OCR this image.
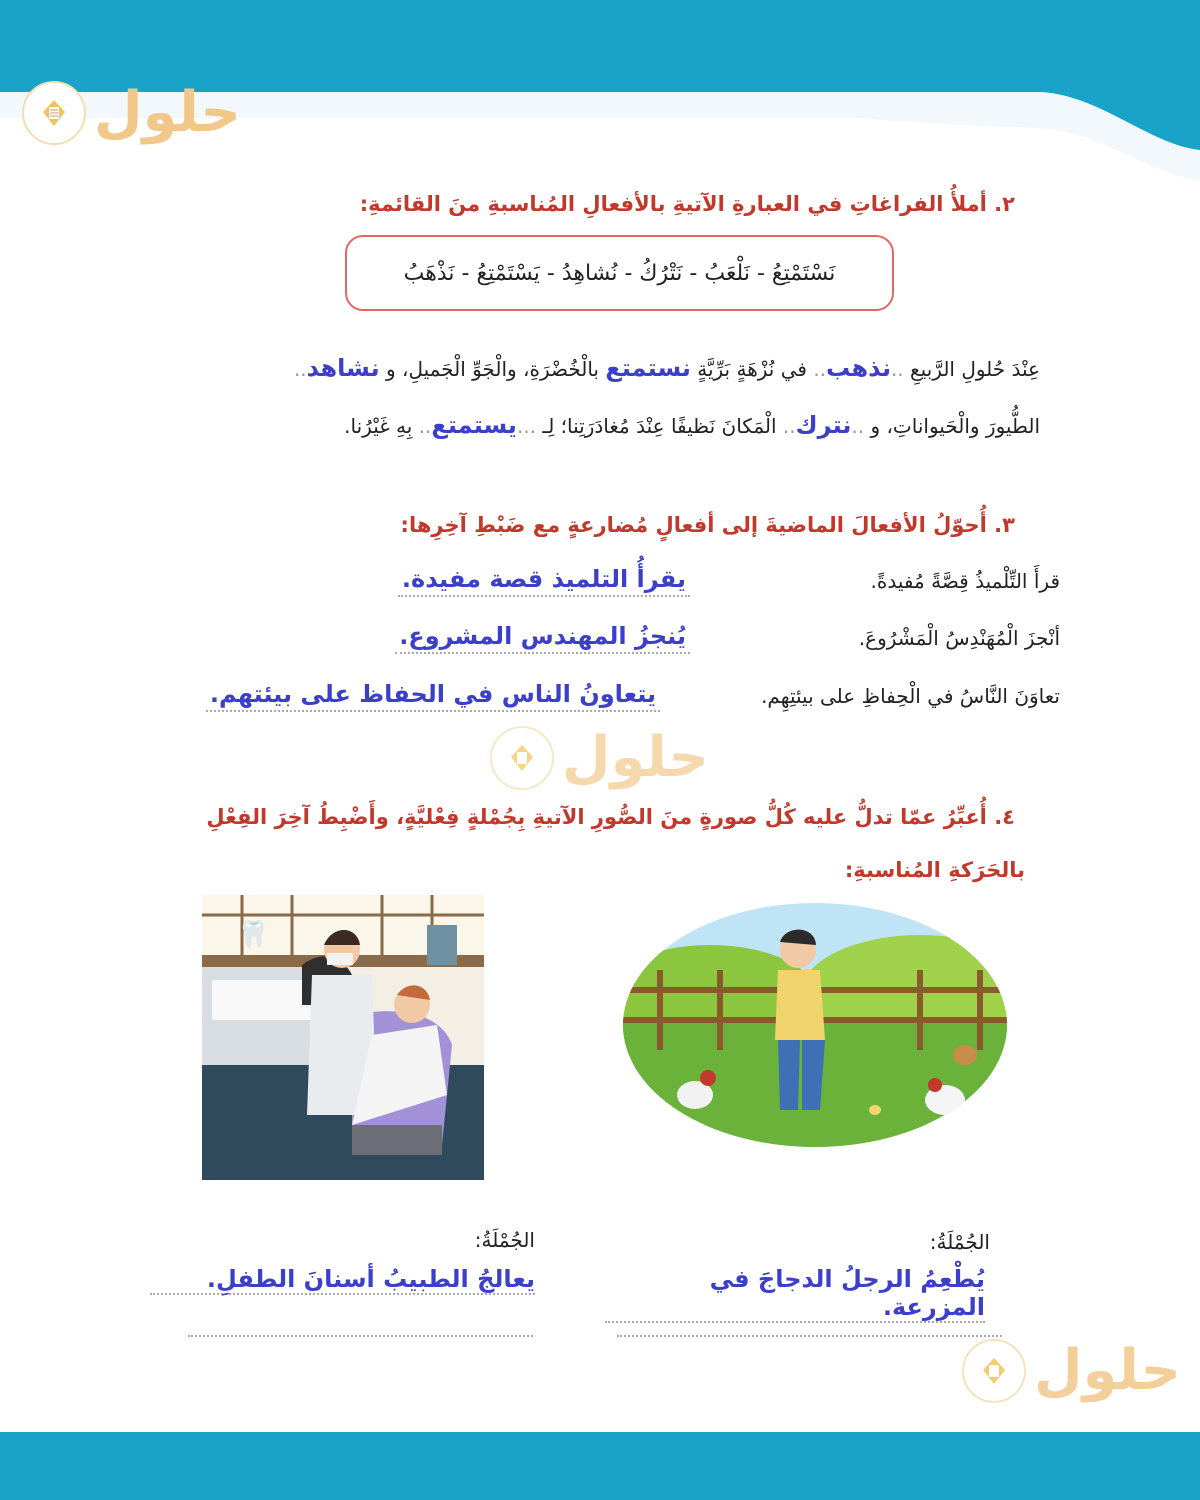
حلول
٢. أملأُ الفراغاتِ في العبارةِ الآتيةِ بالأفعالِ المُناسبةِ منَ القائمةِ:
نَسْتَمْتِعُ - نَلْعَبُ - نَتْرُكُ - نُشاهِدُ - يَسْتَمْتِعُ - نَذْهَبُ
عِنْدَ حُلولِ الرَّبيعِ ..نذهب.. في نُزْهَةٍ بَرِّيَّةٍ نستمتع بالْخُضْرَةِ، والْجَوِّ الْجَميلِ، و نشاهد..
الطُّيورَ والْحَيواناتِ، و ..نترك.. الْمَكانَ نَظيفًا عِنْدَ مُغادَرَتِنا؛ لِـ ...يستمتع.. بِهِ غَيْرُنا.
٣. أُحوّلُ الأفعالَ الماضيةَ إلى أفعالٍ مُضارعةٍ مع ضَبْطِ آخِرِها:
قرأَ التِّلْميذُ قِصَّةً مُفيدةً.
يقرأُ التلميذ قصة مفيدة.
أنْجزَ الْمُهَنْدِسُ الْمَشْرُوعَ.
يُنجزُ المهندس المشروع.
تعاوَنَ النَّاسُ في الْحِفاظِ على بيئتِهِم.
يتعاونُ الناس في الحفاظ على بيئتهم.
حلول
٤. أُعبِّرُ عمّا تدلُّ عليه كُلُّ صورةٍ منَ الصُّورِ الآتيةِ بِجُمْلةٍ فِعْليَّةٍ، وأَضْبِطُ آخِرَ الفِعْلِ
بالحَرَكةِ المُناسبةِ:
🦷
الجُمْلَةُ:
يُطْعِمُ الرجلُ الدجاجَ في المزرعة.
الجُمْلَةُ:
يعالجُ الطبيبُ أسنانَ الطفلِ.
حلول
٩٨
